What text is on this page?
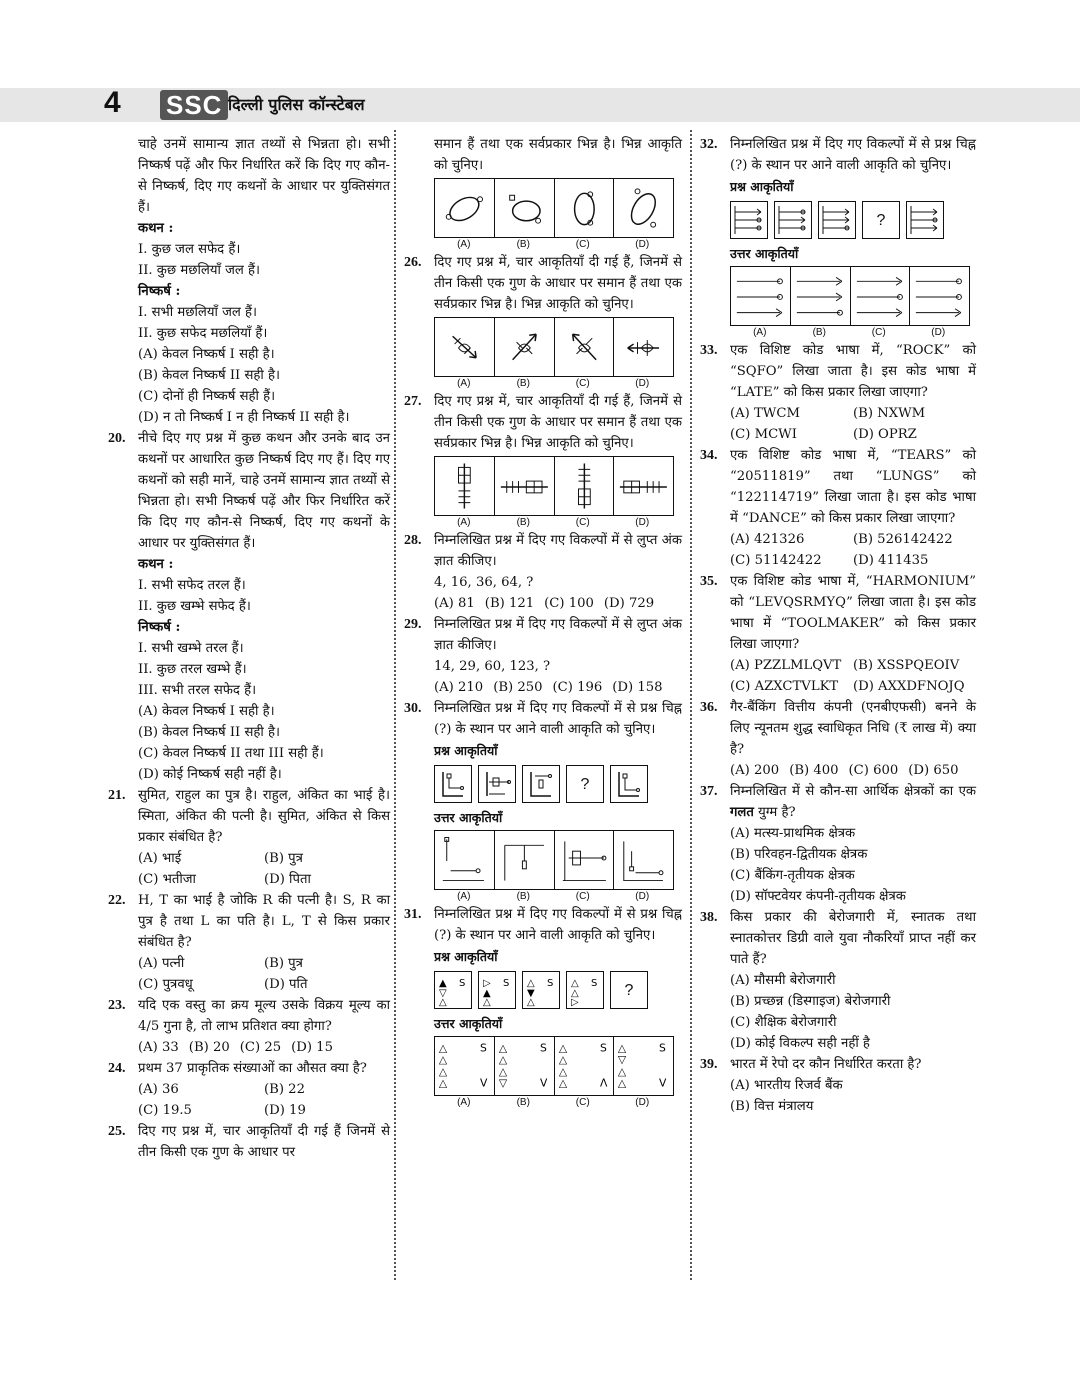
4 SSC दिल्ली पुलिस कॉन्स्टेबल

चाहे उनमें सामान्य ज्ञात तथ्यों से भिन्नता हो। सभी निष्कर्ष पढ़ें और फिर निर्धारित करें कि दिए गए कौन-से निष्कर्ष, दिए गए कथनों के आधार पर युक्तिसंगत हैं।

कथन :

I. कुछ जल सफेद हैं।

II. कुछ मछलियाँ जल हैं।

निष्कर्ष :

I. सभी मछलियाँ जल हैं।

II. कुछ सफेद मछलियाँ हैं।

(A) केवल निष्कर्ष I सही है।

(B) केवल निष्कर्ष II सही है।

(C) दोनों ही निष्कर्ष सही हैं।

(D) न तो निष्कर्ष I न ही निष्कर्ष II सही है।

20. नीचे दिए गए प्रश्न में कुछ कथन और उनके बाद उन कथनों पर आधारित कुछ निष्कर्ष दिए गए हैं। दिए गए कथनों को सही मानें, चाहे उनमें सामान्य ज्ञात तथ्यों से भिन्नता हो। सभी निष्कर्ष पढ़ें और फिर निर्धारित करें कि दिए गए कौन-से निष्कर्ष, दिए गए कथनों के आधार पर युक्तिसंगत हैं।

कथन :

I. सभी सफेद तरल हैं।

II. कुछ खम्भे सफेद हैं।

निष्कर्ष :

I. सभी खम्भे तरल हैं।

II. कुछ तरल खम्भे हैं।

III. सभी तरल सफेद हैं।

(A) केवल निष्कर्ष I सही है।

(B) केवल निष्कर्ष II सही है।

(C) केवल निष्कर्ष II तथा III सही हैं।

(D) कोई निष्कर्ष सही नहीं है।

21. सुमित, राहुल का पुत्र है। राहुल, अंकित का भाई है। स्मिता, अंकित की पत्नी है। सुमित, अंकित से किस प्रकार संबंधित है?
(A) भाई	(B) पुत्र
(C) भतीजा	(D) पिता
22. H, T का भाई है जोकि R की पत्नी है। S, R का पुत्र है तथा L का पति है। L, T से किस प्रकार संबंधित है?
(A) पत्नी	(B) पुत्र
(C) पुत्रवधू	(D) पति
23. यदि एक वस्तु का क्रय मूल्य उसके विक्रय मूल्य का 4/5 गुना है, तो लाभ प्रतिशत क्या होगा?
(A) 33 (B) 20 (C) 25 (D) 15
24. प्रथम 37 प्राकृतिक संख्याओं का औसत क्या है?
(A) 36	(B) 22
(C) 19.5	(D) 19
25. दिए गए प्रश्न में, चार आकृतियाँ दी गई हैं जिनमें से तीन किसी एक गुण के आधार पर

समान हैं तथा एक सर्वप्रकार भिन्न है। भिन्न आकृति को चुनिए।

(A)	(B)	(C)	(D)
26. दिए गए प्रश्न में, चार आकृतियाँ दी गई हैं, जिनमें से तीन किसी एक गुण के आधार पर समान हैं तथा एक सर्वप्रकार भिन्न है। भिन्न आकृति को चुनिए।
(A)	(B)	(C)	(D)
27. दिए गए प्रश्न में, चार आकृतियाँ दी गई हैं, जिनमें से तीन किसी एक गुण के आधार पर समान हैं तथा एक सर्वप्रकार भिन्न है। भिन्न आकृति को चुनिए।
(A)	(B)	(C)	(D)
28. निम्नलिखित प्रश्न में दिए गए विकल्पों में से लुप्त अंक ज्ञात कीजिए।

4, 16, 36, 64, ?

(A) 81 (B) 121 (C) 100 (D) 729
29. निम्नलिखित प्रश्न में दिए गए विकल्पों में से लुप्त अंक ज्ञात कीजिए।

14, 29, 60, 123, ?

(A) 210 (B) 250 (C) 196 (D) 158
30. निम्नलिखित प्रश्न में दिए गए विकल्पों में से प्रश्न चिह्न (?) के स्थान पर आने वाली आकृति को चुनिए।

प्रश्न आकृतियाँ

?

उत्तर आकृतियाँ

(A)	(B)	(C)	(D)
31. निम्नलिखित प्रश्न में दिए गए विकल्पों में से प्रश्न चिह्न (?) के स्थान पर आने वाली आकृति को चुनिए।

प्रश्न आकृतियाँ

▲
▽
△
S ▷
▲
△
S △
▼
△
S △
△
▷
S ?

उत्तर आकृतियाँ

△
△
△
△
S
V
△
△
△
▽
S
V
△
△
△
△
S
Λ
△
▽
△
△
S
V
(A)	(B)	(C)	(D)
32. निम्नलिखित प्रश्न में दिए गए विकल्पों में से प्रश्न चिह्न (?) के स्थान पर आने वाली आकृति को चुनिए।

प्रश्न आकृतियाँ

?

उत्तर आकृतियाँ

(A)	(B)	(C)	(D)
33. एक विशिष्ट कोड भाषा में, “ROCK” को “SQFO” लिखा जाता है। इस कोड भाषा में “LATE” को किस प्रकार लिखा जाएगा?
(A) TWCM	(B) NXWM
(C) MCWI	(D) OPRZ
34. एक विशिष्ट कोड भाषा में, “TEARS” को “20511819” तथा “LUNGS” को “122114719” लिखा जाता है। इस कोड भाषा में “DANCE” को किस प्रकार लिखा जाएगा?
(A) 421326	(B) 526142422
(C) 51142422	(D) 411435
35. एक विशिष्ट कोड भाषा में, “HARMONIUM” को “LEVQSRMYQ” लिखा जाता है। इस कोड भाषा में “TOOLMAKER” को किस प्रकार लिखा जाएगा?
(A) PZZLMLQVT (B) XSSPQEOIV
(C) AZXCTVLKT	(D) AXXDFNOJQ
36. गैर-बैंकिंग वित्तीय कंपनी (एनबीएफसी) बनने के लिए न्यूनतम शुद्ध स्वाधिकृत निधि (₹ लाख में) क्या है?
(A) 200 (B) 400 (C) 600 (D) 650
37. निम्नलिखित में से कौन-सा आर्थिक क्षेत्रकों का एक गलत युग्म है?

(A) मत्स्य-प्राथमिक क्षेत्रक

(B) परिवहन-द्वितीयक क्षेत्रक

(C) बैंकिंग-तृतीयक क्षेत्रक

(D) सॉफ्टवेयर कंपनी-तृतीयक क्षेत्रक

38. किस प्रकार की बेरोजगारी में, स्नातक तथा स्नातकोत्तर डिग्री वाले युवा नौकरियाँ प्राप्त नहीं कर पाते हैं?

(A) मौसमी बेरोजगारी

(B) प्रच्छन्न (डिस्गाइज) बेरोजगारी

(C) शैक्षिक बेरोजगारी

(D) कोई विकल्प सही नहीं है

39. भारत में रेपो दर कौन निर्धारित करता है?

(A) भारतीय रिजर्व बैंक

(B) वित्त मंत्रालय
